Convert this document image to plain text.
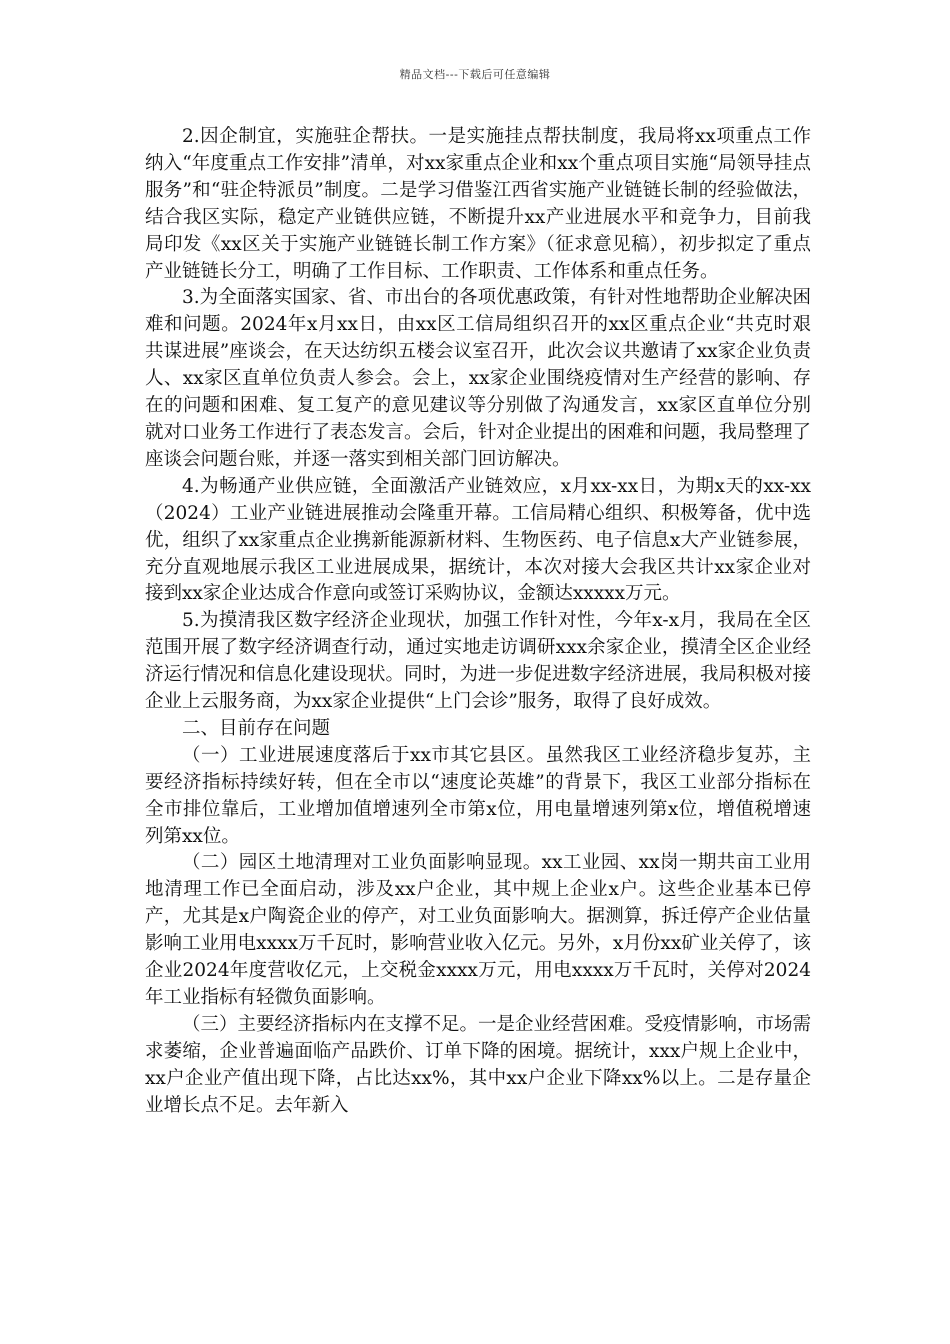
精品文档---下载后可任意编辑

2.因企制宜，实施驻企帮扶。一是实施挂点帮扶制度，我局将xx项重点工作纳入“年度重点工作安排”清单，对xx家重点企业和xx个重点项目实施“局领导挂点服务”和“驻企特派员”制度。二是学习借鉴江西省实施产业链链长制的经验做法，结合我区实际，稳定产业链供应链，不断提升xx产业进展水平和竞争力，目前我局印发《xx区关于实施产业链链长制工作方案》（征求意见稿），初步拟定了重点产业链链长分工，明确了工作目标、工作职责、工作体系和重点任务。

3.为全面落实国家、省、市出台的各项优惠政策，有针对性地帮助企业解决困难和问题。2024年x月xx日，由xx区工信局组织召开的xx区重点企业“共克时艰 共谋进展”座谈会，在天达纺织五楼会议室召开，此次会议共邀请了xx家企业负责人、xx家区直单位负责人参会。会上，xx家企业围绕疫情对生产经营的影响、存在的问题和困难、复工复产的意见建议等分别做了沟通发言，xx家区直单位分别就对口业务工作进行了表态发言。会后，针对企业提出的困难和问题，我局整理了座谈会问题台账，并逐一落实到相关部门回访解决。

4.为畅通产业供应链，全面激活产业链效应，x月xx-xx日，为期x天的xx-xx（2024）工业产业链进展推动会隆重开幕。工信局精心组织、积极筹备，优中选优，组织了xx家重点企业携新能源新材料、生物医药、电子信息x大产业链参展，充分直观地展示我区工业进展成果，据统计，本次对接大会我区共计xx家企业对接到xx家企业达成合作意向或签订采购协议，金额达xxxxx万元。

5.为摸清我区数字经济企业现状，加强工作针对性，今年x-x月，我局在全区范围开展了数字经济调查行动，通过实地走访调研xxx余家企业，摸清全区企业经济运行情况和信息化建设现状。同时，为进一步促进数字经济进展，我局积极对接企业上云服务商，为xx家企业提供“上门会诊”服务，取得了良好成效。

二、目前存在问题

（一）工业进展速度落后于xx市其它县区。虽然我区工业经济稳步复苏，主要经济指标持续好转，但在全市以“速度论英雄”的背景下，我区工业部分指标在全市排位靠后，工业增加值增速列全市第x位，用电量增速列第x位，增值税增速列第xx位。

（二）园区土地清理对工业负面影响显现。xx工业园、xx岗一期共亩工业用地清理工作已全面启动，涉及xx户企业，其中规上企业x户。这些企业基本已停产，尤其是x户陶瓷企业的停产，对工业负面影响大。据测算，拆迁停产企业估量影响工业用电xxxx万千瓦时，影响营业收入亿元。另外，x月份xx矿业关停了，该企业2024年度营收亿元，上交税金xxxx万元，用电xxxx万千瓦时，关停对2024年工业指标有轻微负面影响。

（三）主要经济指标内在支撑不足。一是企业经营困难。受疫情影响，市场需求萎缩，企业普遍面临产品跌价、订单下降的困境。据统计，xxx户规上企业中，xx户企业产值出现下降，占比达xx%，其中xx户企业下降xx%以上。二是存量企业增长点不足。去年新入
